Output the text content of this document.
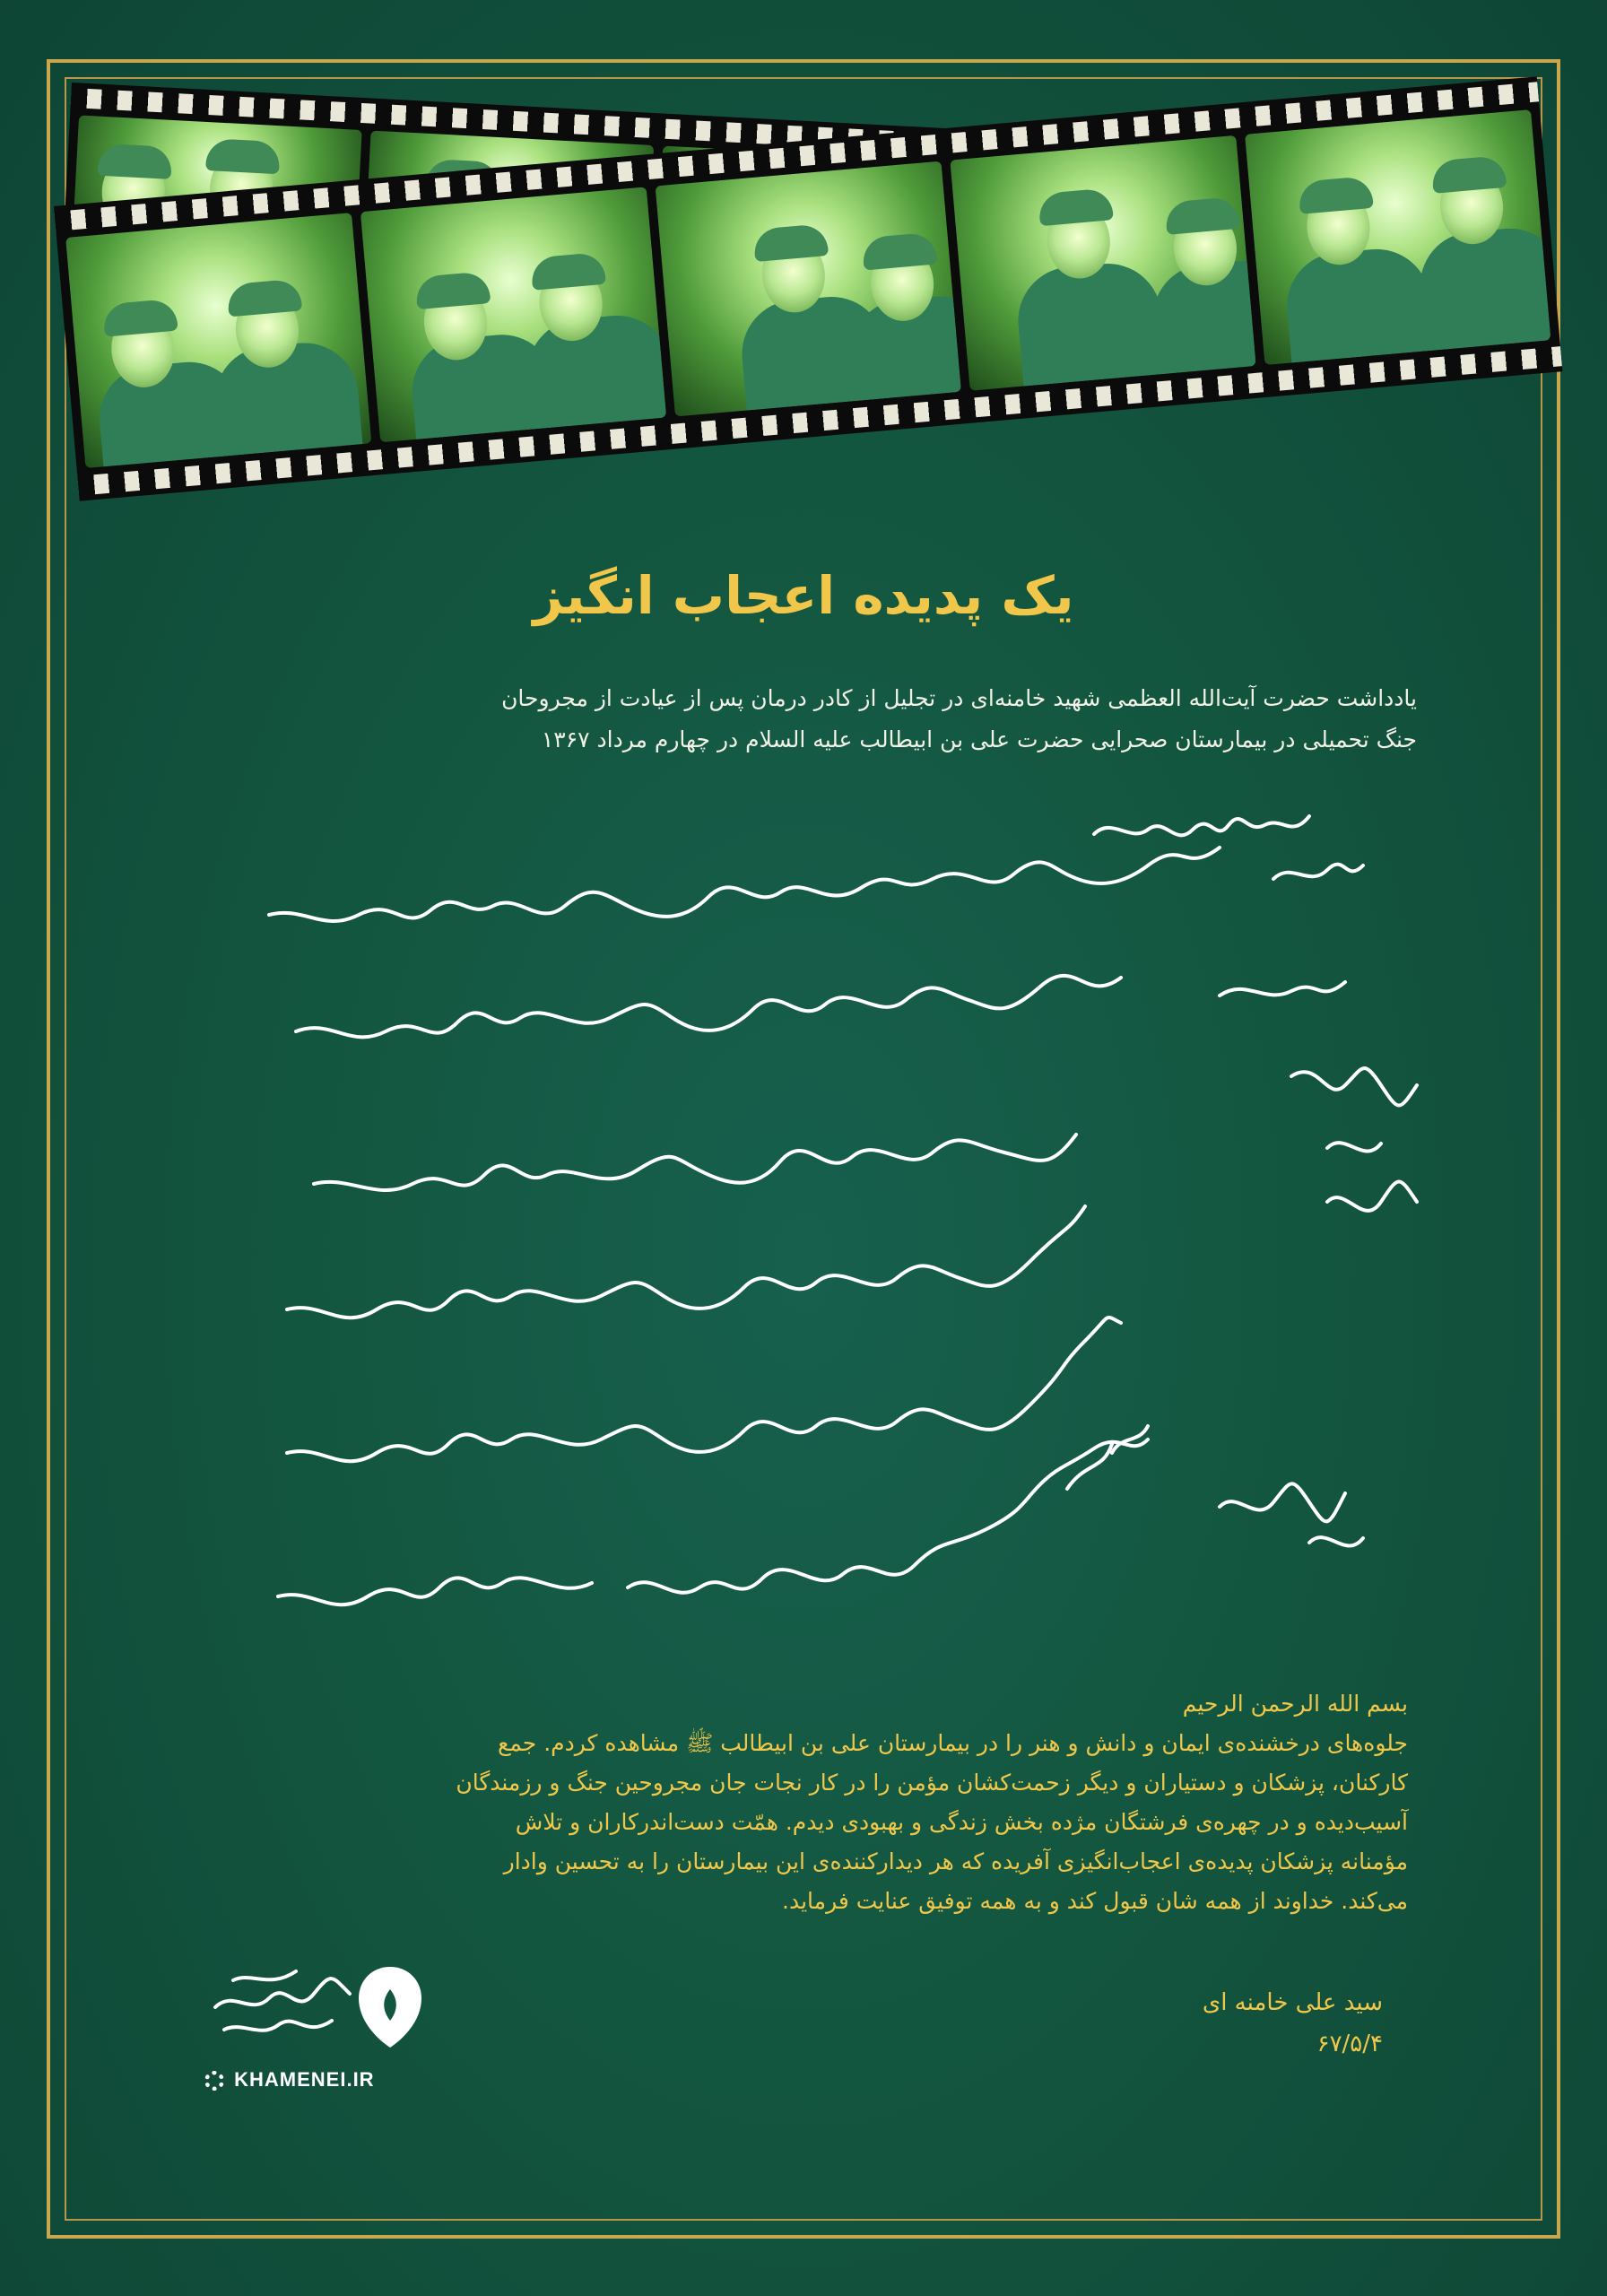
یک پدیده اعجاب انگیز
یادداشت حضرت آیت‌الله العظمی شهید خامنه‌ای در تجلیل از کادر درمان پس از عیادت از مجروحان
جنگ تحمیلی در بیمارستان صحرایی حضرت علی بن ابیطالب علیه السلام در چهارم مرداد ۱۳۶۷

بسم الله الرحمن الرحیم

جلوه‌های درخشنده‌ی ایمان و دانش و هنر را در بیمارستان علی بن ابیطالب ﷺ مشاهده کردم. جمع

کارکنان، پزشکان و دستیاران و دیگر زحمت‌کشان مؤمن را در کار نجات جان مجروحین جنگ و رزمندگان

آسیب‌دیده و در چهره‌ی فرشتگان مژده بخش زندگی و بهبودی دیدم. همّت دست‌اندرکاران و تلاش

مؤمنانه پزشکان پدیده‌ی اعجاب‌انگیزی آفریده که هر دیدارکننده‌ی این بیمارستان را به تحسین وادار

می‌کند. خداوند از همه شان قبول کند و به همه توفیق عنایت فرماید.

سید علی خامنه ای
۶۷/۵/۴
KHAMENEI.IR
